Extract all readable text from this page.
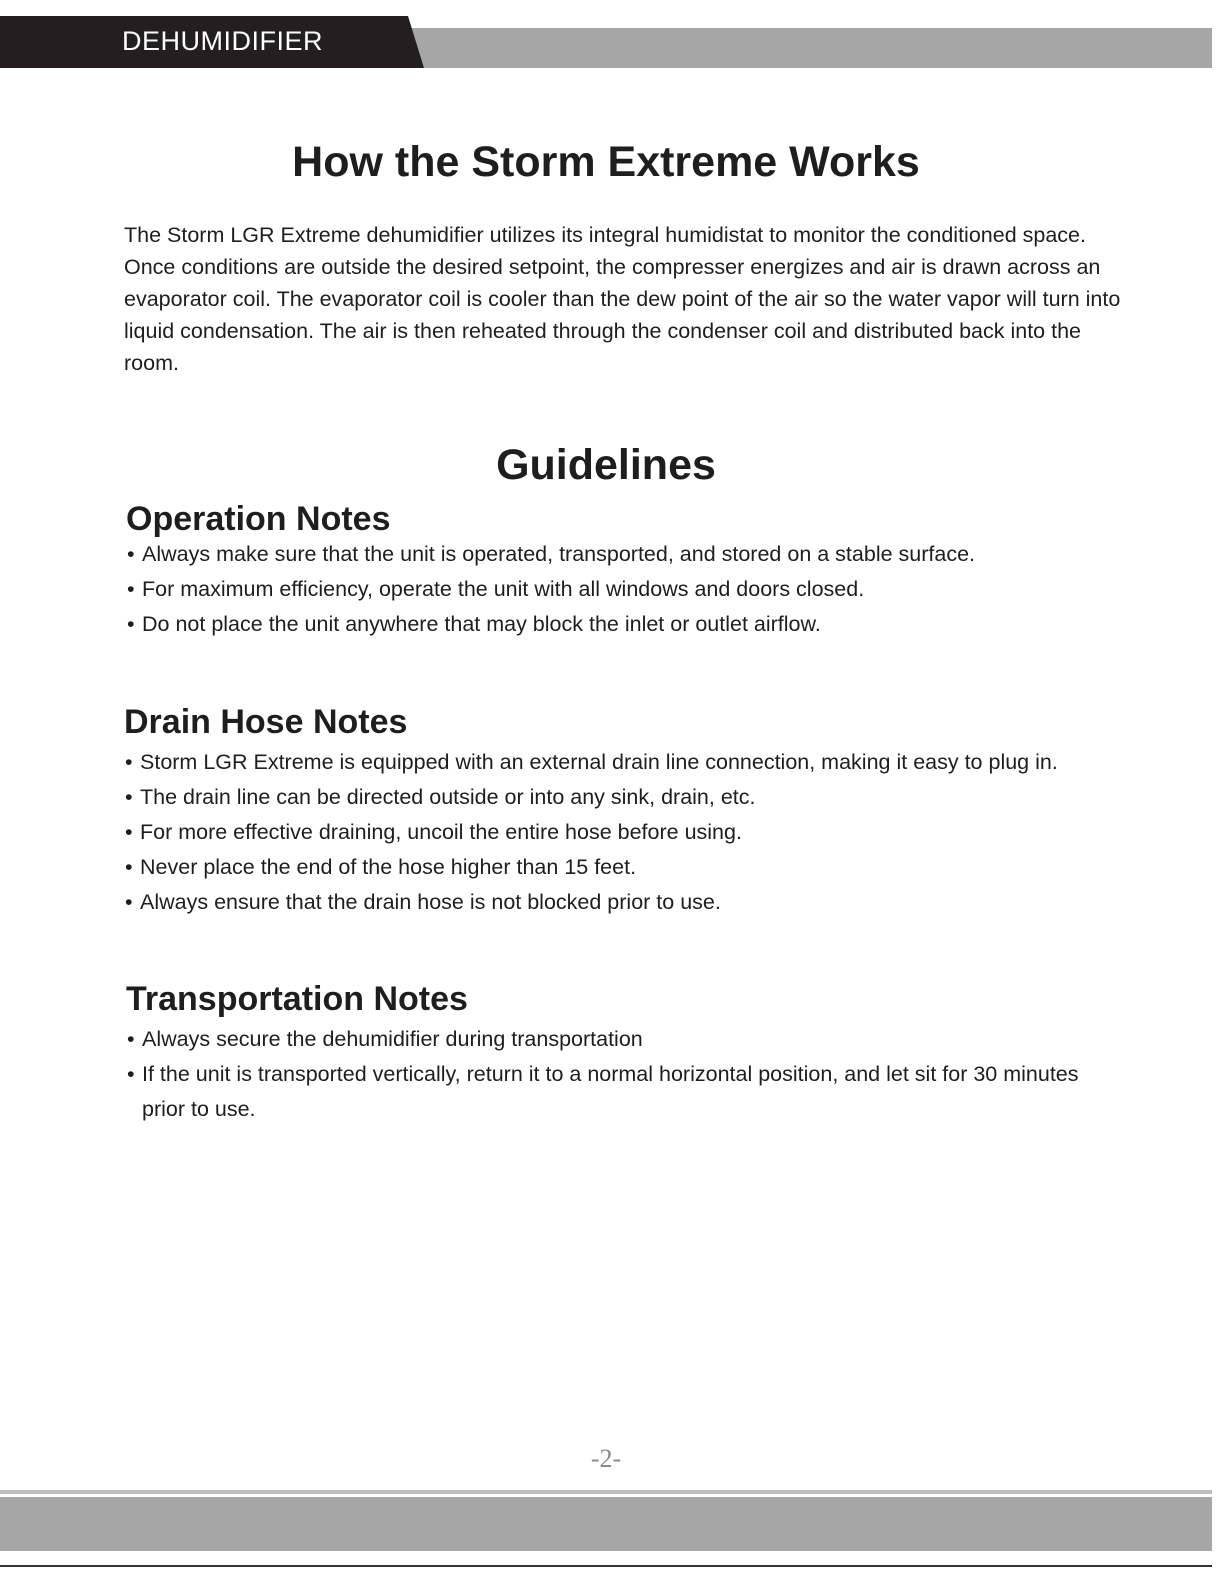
DEHUMIDIFIER
How the Storm Extreme Works

The Storm LGR Extreme dehumidifier utilizes its integral humidistat to monitor the conditioned space. Once conditions are outside the desired setpoint, the compresser energizes and air is drawn across an evaporator coil. The evaporator coil is cooler than the dew point of the air so the water vapor will turn into liquid condensation. The air is then reheated through the condenser coil and distributed back into the room.

Guidelines
Operation Notes
• Always make sure that the unit is operated, transported, and stored on a stable surface.
• For maximum efficiency, operate the unit with all windows and doors closed.
• Do not place the unit anywhere that may block the inlet or outlet airflow.
Drain Hose Notes
• Storm LGR Extreme is equipped with an external drain line connection, making it easy to plug in.
• The drain line can be directed outside or into any sink, drain, etc.
• For more effective draining, uncoil the entire hose before using.
• Never place the end of the hose higher than 15 feet.
• Always ensure that the drain hose is not blocked prior to use.
Transportation Notes
• Always secure the dehumidifier during transportation
• If the unit is transported vertically, return it to a normal horizontal position, and let sit for 30 minutes prior to use.
-2-
